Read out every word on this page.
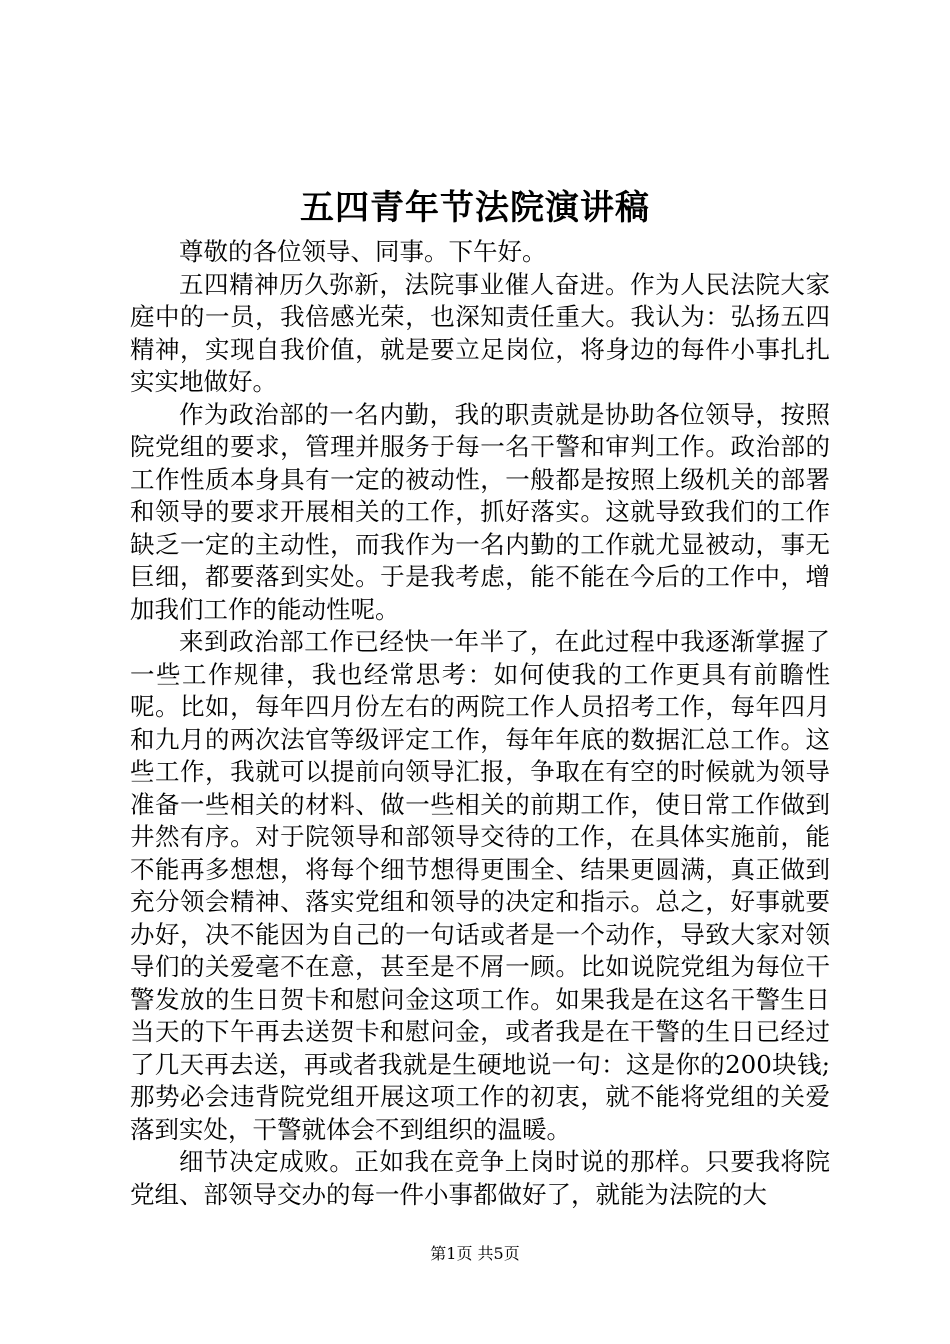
五四青年节法院演讲稿

尊敬的各位领导、同事。下午好。

五四精神历久弥新，法院事业催人奋进。作为人民法院大家庭中的一员，我倍感光荣，也深知责任重大。我认为：弘扬五四精神，实现自我价值，就是要立足岗位，将身边的每件小事扎扎实实地做好。

作为政治部的一名内勤，我的职责就是协助各位领导，按照院党组的要求，管理并服务于每一名干警和审判工作。政治部的工作性质本身具有一定的被动性，一般都是按照上级机关的部署和领导的要求开展相关的工作，抓好落实。这就导致我们的工作缺乏一定的主动性，而我作为一名内勤的工作就尤显被动，事无巨细，都要落到实处。于是我考虑，能不能在今后的工作中，增加我们工作的能动性呢。

来到政治部工作已经快一年半了，在此过程中我逐渐掌握了一些工作规律，我也经常思考：如何使我的工作更具有前瞻性呢。比如，每年四月份左右的两院工作人员招考工作，每年四月和九月的两次法官等级评定工作，每年年底的数据汇总工作。这些工作，我就可以提前向领导汇报，争取在有空的时候就为领导准备一些相关的材料、做一些相关的前期工作，使日常工作做到井然有序。对于院领导和部领导交待的工作，在具体实施前，能不能再多想想，将每个细节想得更围全、结果更圆满，真正做到充分领会精神、落实党组和领导的决定和指示。总之，好事就要办好，决不能因为自己的一句话或者是一个动作，导致大家对领导们的关爱毫不在意，甚至是不屑一顾。比如说院党组为每位干警发放的生日贺卡和慰问金这项工作。如果我是在这名干警生日当天的下午再去送贺卡和慰问金，或者我是在干警的生日已经过了几天再去送，再或者我就是生硬地说一句：这是你的200块钱;那势必会违背院党组开展这项工作的初衷，就不能将党组的关爱落到实处，干警就体会不到组织的温暖。

细节决定成败。正如我在竞争上岗时说的那样。只要我将院党组、部领导交办的每一件小事都做好了，就能为法院的大

第1页 共5页
